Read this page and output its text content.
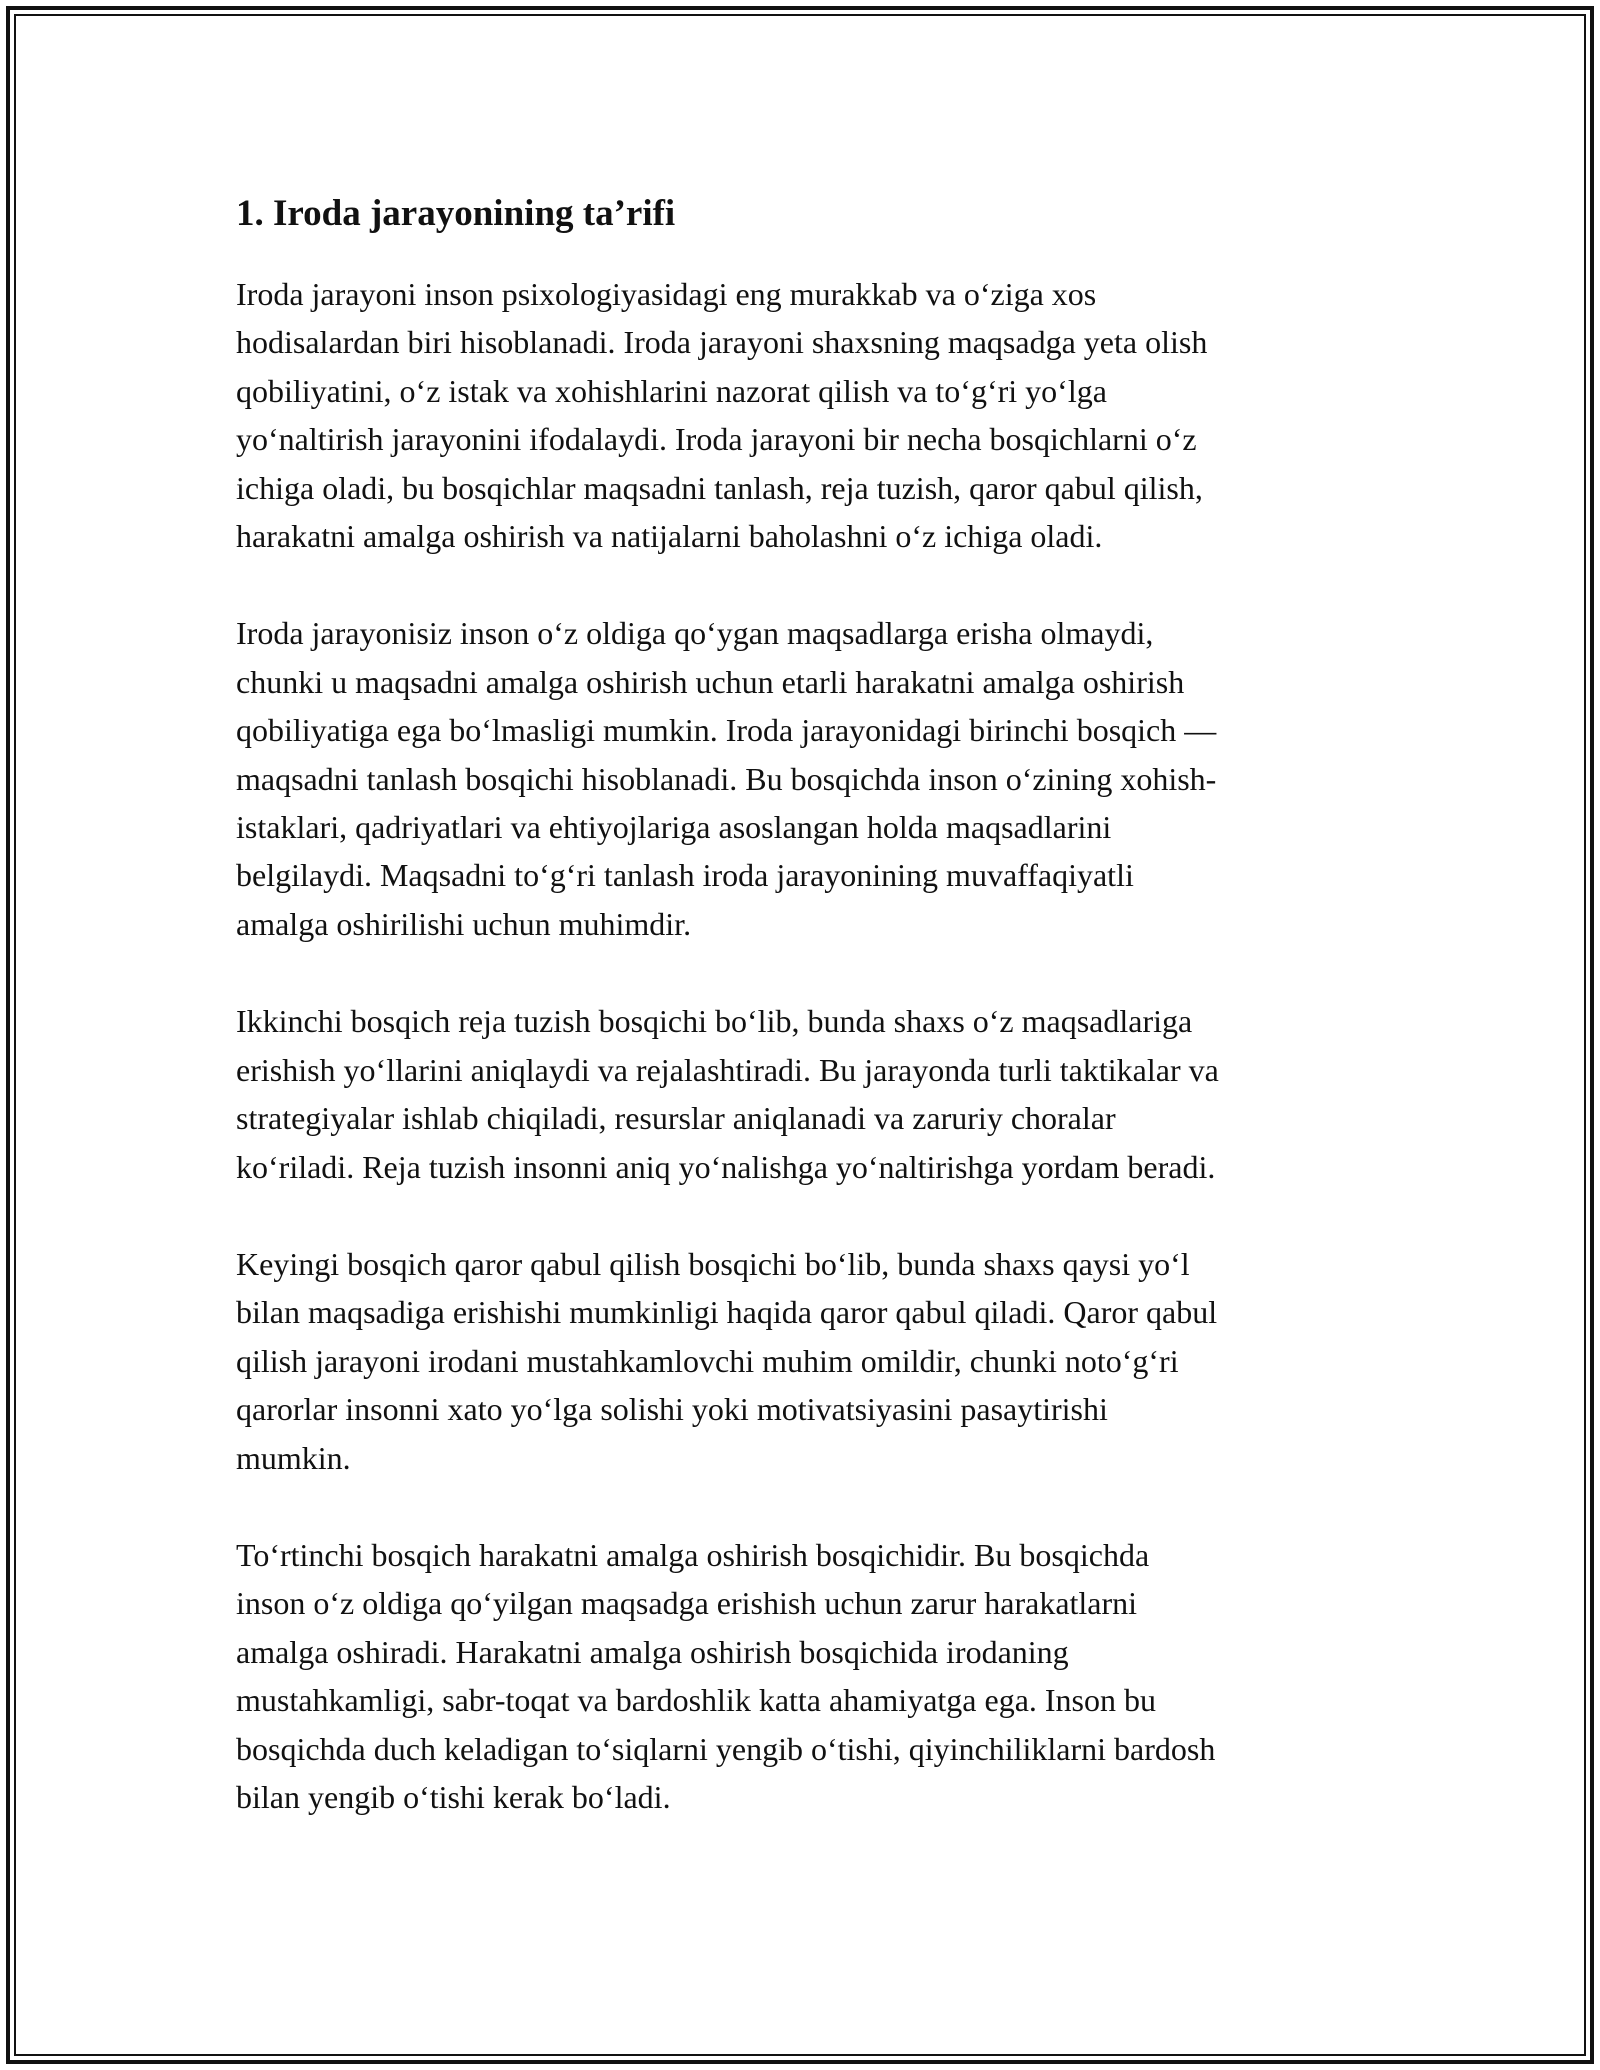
1. Iroda jarayonining ta’rifi

Iroda jarayoni inson psixologiyasidagi eng murakkab va oʻziga xos
hodisalardan biri hisoblanadi. Iroda jarayoni shaxsning maqsadga yeta olish
qobiliyatini, oʻz istak va xohishlarini nazorat qilish va toʻgʻri yoʻlga
yoʻnaltirish jarayonini ifodalaydi. Iroda jarayoni bir necha bosqichlarni oʻz
ichiga oladi, bu bosqichlar maqsadni tanlash, reja tuzish, qaror qabul qilish,
harakatni amalga oshirish va natijalarni baholashni oʻz ichiga oladi.

Iroda jarayonisiz inson oʻz oldiga qoʻygan maqsadlarga erisha olmaydi,
chunki u maqsadni amalga oshirish uchun etarli harakatni amalga oshirish
qobiliyatiga ega boʻlmasligi mumkin. Iroda jarayonidagi birinchi bosqich —
maqsadni tanlash bosqichi hisoblanadi. Bu bosqichda inson oʻzining xohish-
istaklari, qadriyatlari va ehtiyojlariga asoslangan holda maqsadlarini
belgilaydi. Maqsadni toʻgʻri tanlash iroda jarayonining muvaffaqiyatli
amalga oshirilishi uchun muhimdir.

Ikkinchi bosqich reja tuzish bosqichi boʻlib, bunda shaxs oʻz maqsadlariga
erishish yoʻllarini aniqlaydi va rejalashtiradi. Bu jarayonda turli taktikalar va
strategiyalar ishlab chiqiladi, resurslar aniqlanadi va zaruriy choralar
koʻriladi. Reja tuzish insonni aniq yoʻnalishga yoʻnaltirishga yordam beradi.

Keyingi bosqich qaror qabul qilish bosqichi boʻlib, bunda shaxs qaysi yoʻl
bilan maqsadiga erishishi mumkinligi haqida qaror qabul qiladi. Qaror qabul
qilish jarayoni irodani mustahkamlovchi muhim omildir, chunki notoʻgʻri
qarorlar insonni xato yoʻlga solishi yoki motivatsiyasini pasaytirishi
mumkin.

Toʻrtinchi bosqich harakatni amalga oshirish bosqichidir. Bu bosqichda
inson oʻz oldiga qoʻyilgan maqsadga erishish uchun zarur harakatlarni
amalga oshiradi. Harakatni amalga oshirish bosqichida irodaning
mustahkamligi, sabr-toqat va bardoshlik katta ahamiyatga ega. Inson bu
bosqichda duch keladigan toʻsiqlarni yengib oʻtishi, qiyinchiliklarni bardosh
bilan yengib oʻtishi kerak boʻladi.
